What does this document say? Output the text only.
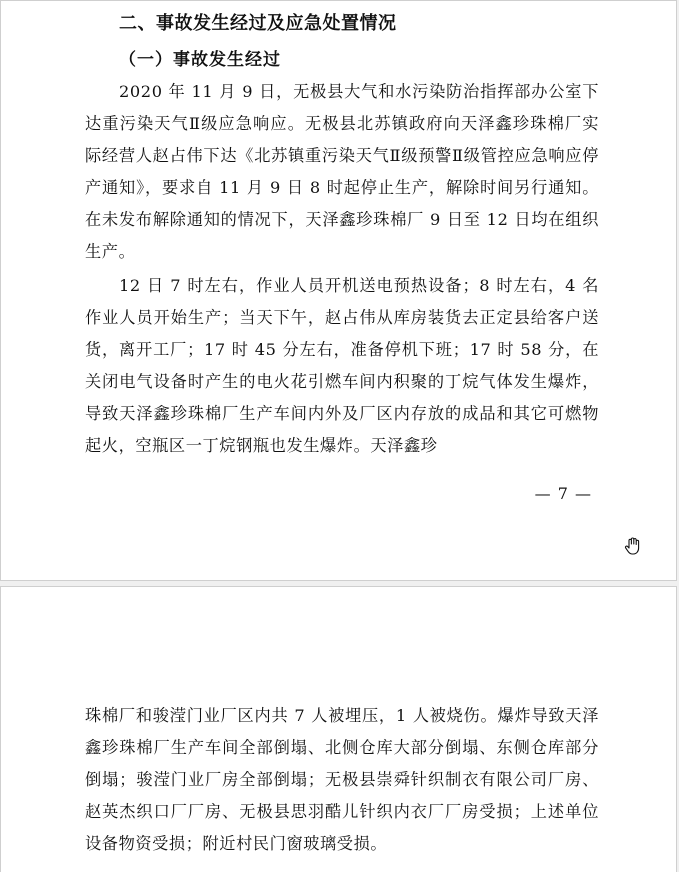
二、事故发生经过及应急处置情况
（一）事故发生经过

2020 年 11 月 9 日，无极县大气和水污染防治指挥部办公室下达重污染天气Ⅱ级应急响应。无极县北苏镇政府向天泽鑫珍珠棉厂实际经营人赵占伟下达《北苏镇重污染天气Ⅱ级预警Ⅱ级管控应急响应停产通知》，要求自 11 月 9 日 8 时起停止生产，解除时间另行通知。在未发布解除通知的情况下，天泽鑫珍珠棉厂 9 日至 12 日均在组织生产。

12 日 7 时左右，作业人员开机送电预热设备；8 时左右，4 名作业人员开始生产；当天下午，赵占伟从库房装货去正定县给客户送货，离开工厂；17 时 45 分左右，准备停机下班；17 时 58 分，在关闭电气设备时产生的电火花引燃车间内积聚的丁烷气体发生爆炸，导致天泽鑫珍珠棉厂生产车间内外及厂区内存放的成品和其它可燃物起火，空瓶区一丁烷钢瓶也发生爆炸。天泽鑫珍

— 7 —

珠棉厂和骏滢门业厂区内共 7 人被埋压，1 人被烧伤。爆炸导致天泽鑫珍珠棉厂生产车间全部倒塌、北侧仓库大部分倒塌、东侧仓库部分倒塌；骏滢门业厂房全部倒塌；无极县崇舜针织制衣有限公司厂房、赵英杰织口厂厂房、无极县思羽酷儿针织内衣厂厂房受损；上述单位设备物资受损；附近村民门窗玻璃受损。
